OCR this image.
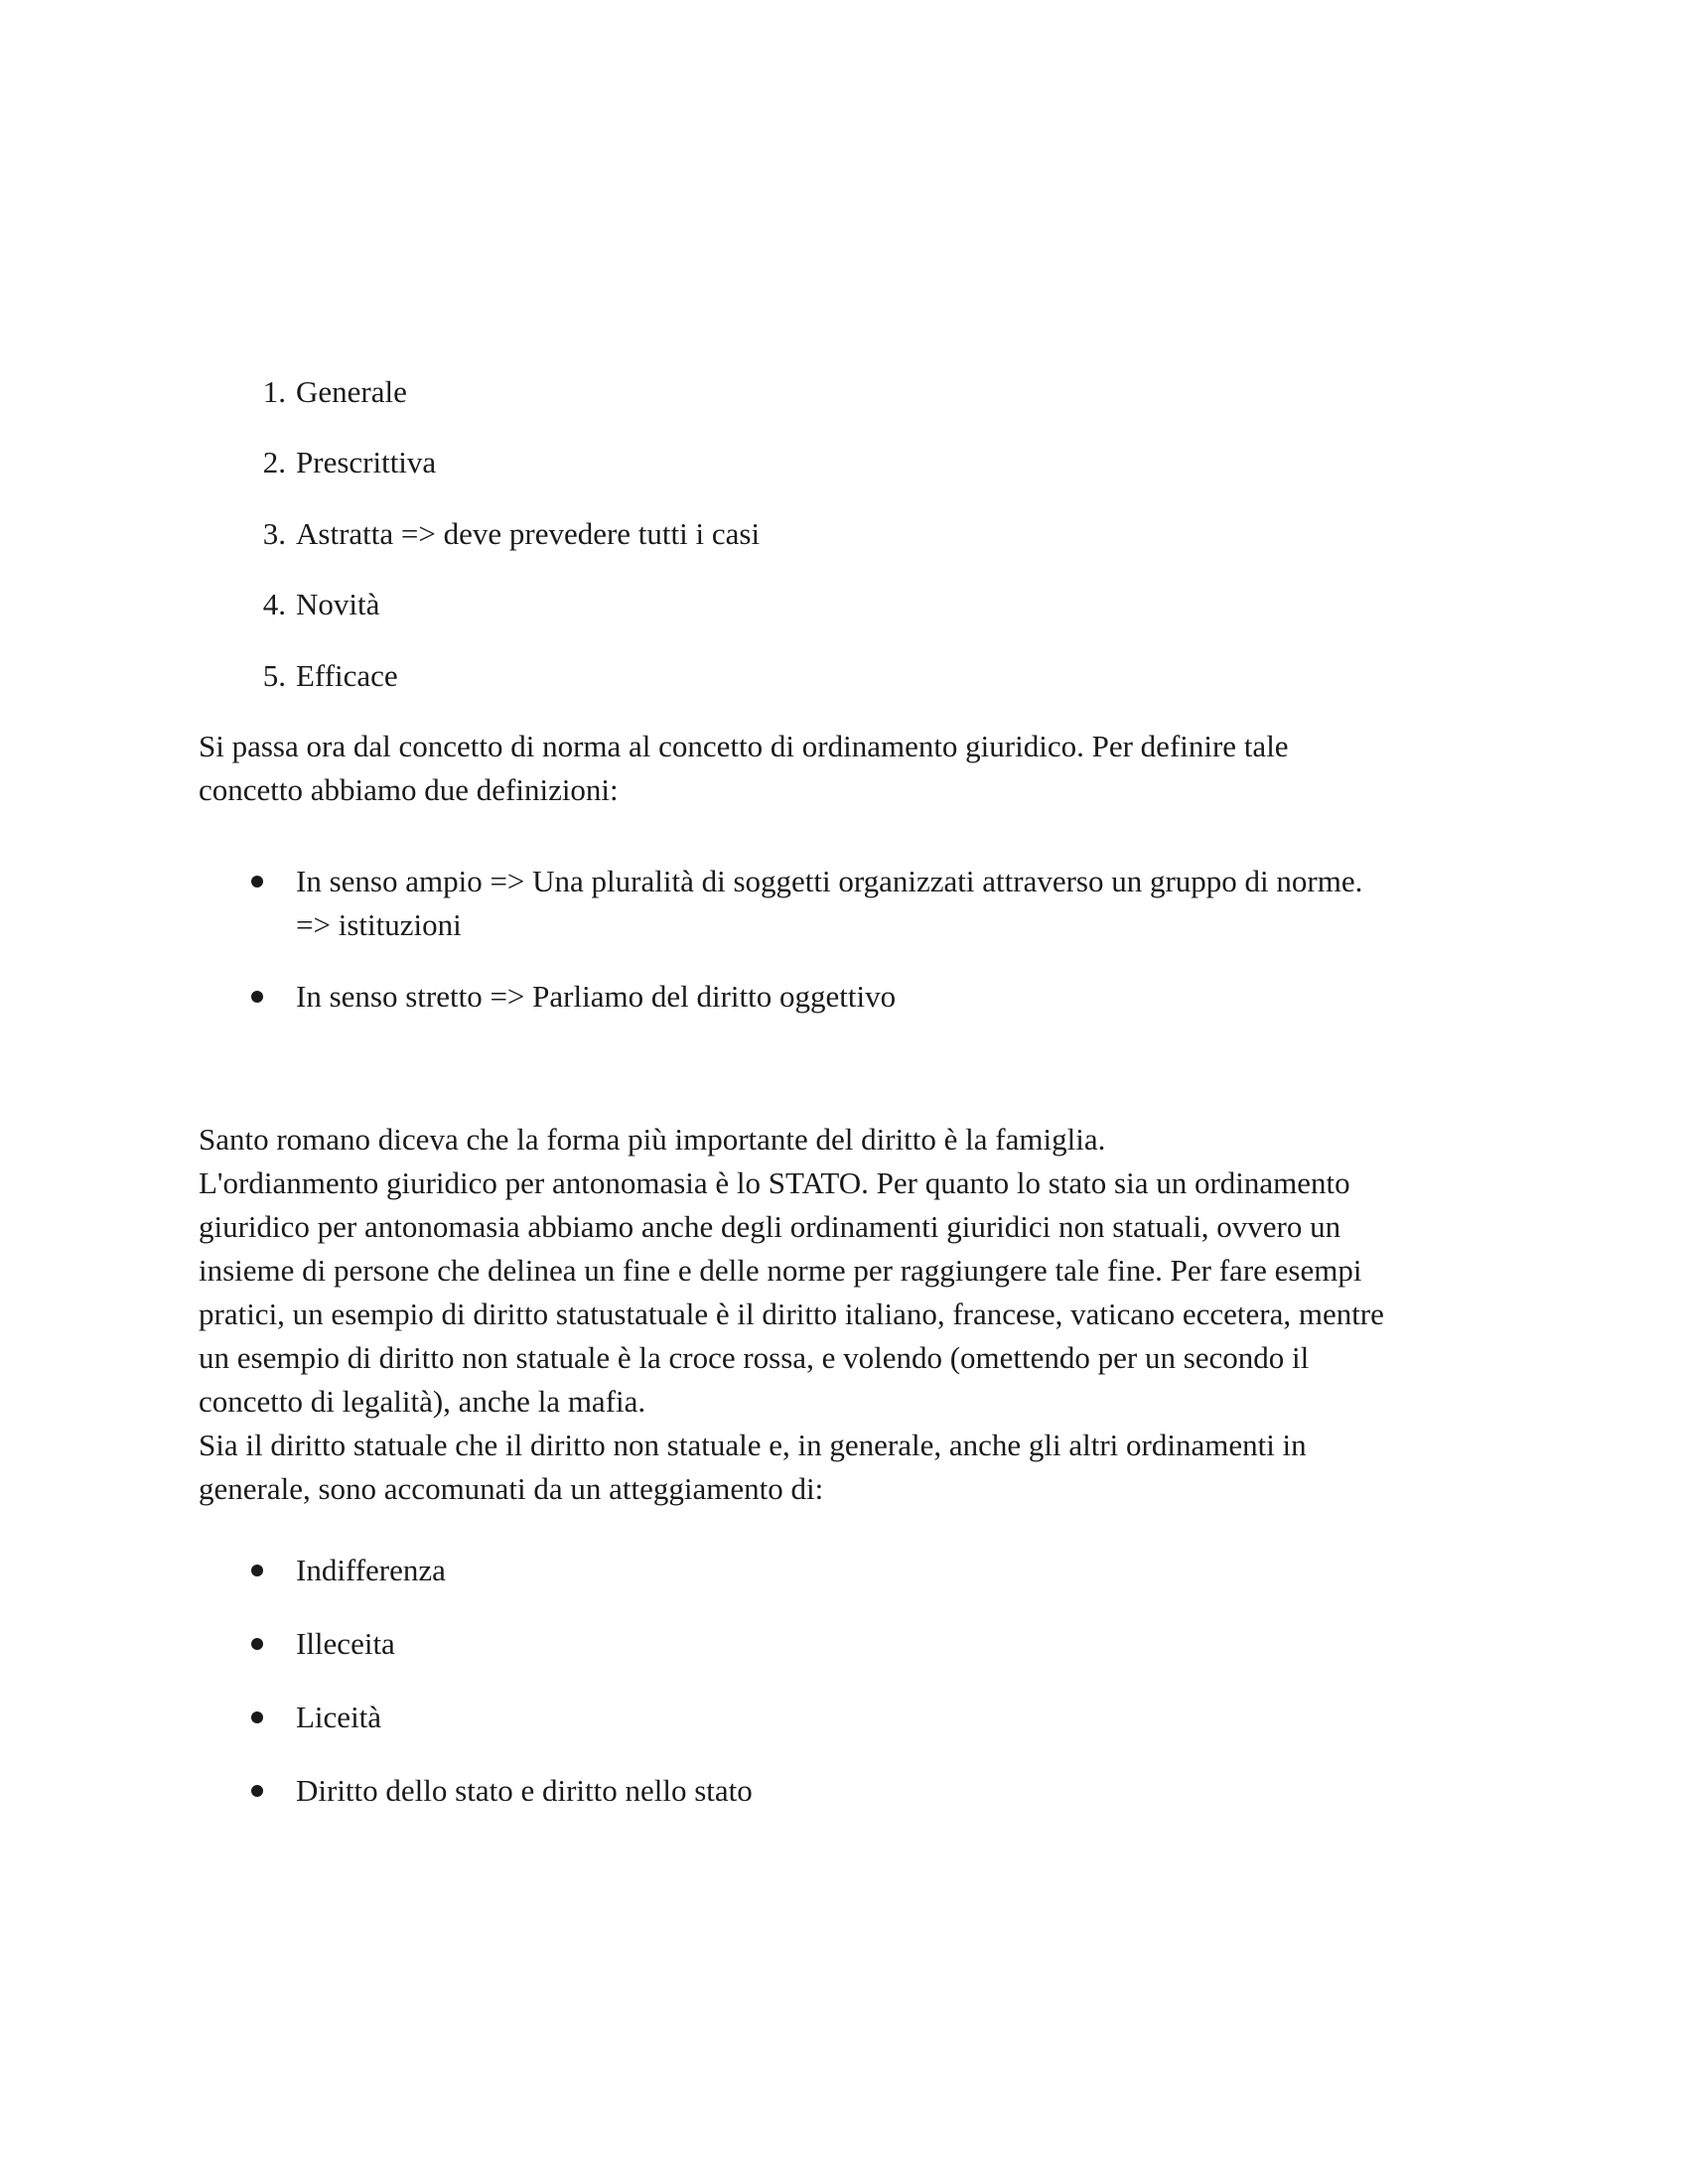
1. Generale
2. Prescrittiva
3. Astratta => deve prevedere tutti i casi
4. Novità
5. Efficace

Si passa ora dal concetto di norma al concetto di ordinamento giuridico. Per definire tale

concetto abbiamo due definizioni:

In senso ampio => Una pluralità di soggetti organizzati attraverso un gruppo di norme.

=> istituzioni

In senso stretto => Parliamo del diritto oggettivo

Santo romano diceva che la forma più importante del diritto è la famiglia.

L'ordianmento giuridico per antonomasia è lo STATO. Per quanto lo stato sia un ordinamento

giuridico per antonomasia abbiamo anche degli ordinamenti giuridici non statuali, ovvero un

insieme di persone che delinea un fine e delle norme per raggiungere tale fine. Per fare esempi

pratici, un esempio di diritto statustatuale è il diritto italiano, francese, vaticano eccetera, mentre

un esempio di diritto non statuale è la croce rossa, e volendo (omettendo per un secondo il

concetto di legalità), anche la mafia.

Sia il diritto statuale che il diritto non statuale e, in generale, anche gli altri ordinamenti in

generale, sono accomunati da un atteggiamento di:

Indifferenza
Illeceita
Liceità
Diritto dello stato e diritto nello stato
